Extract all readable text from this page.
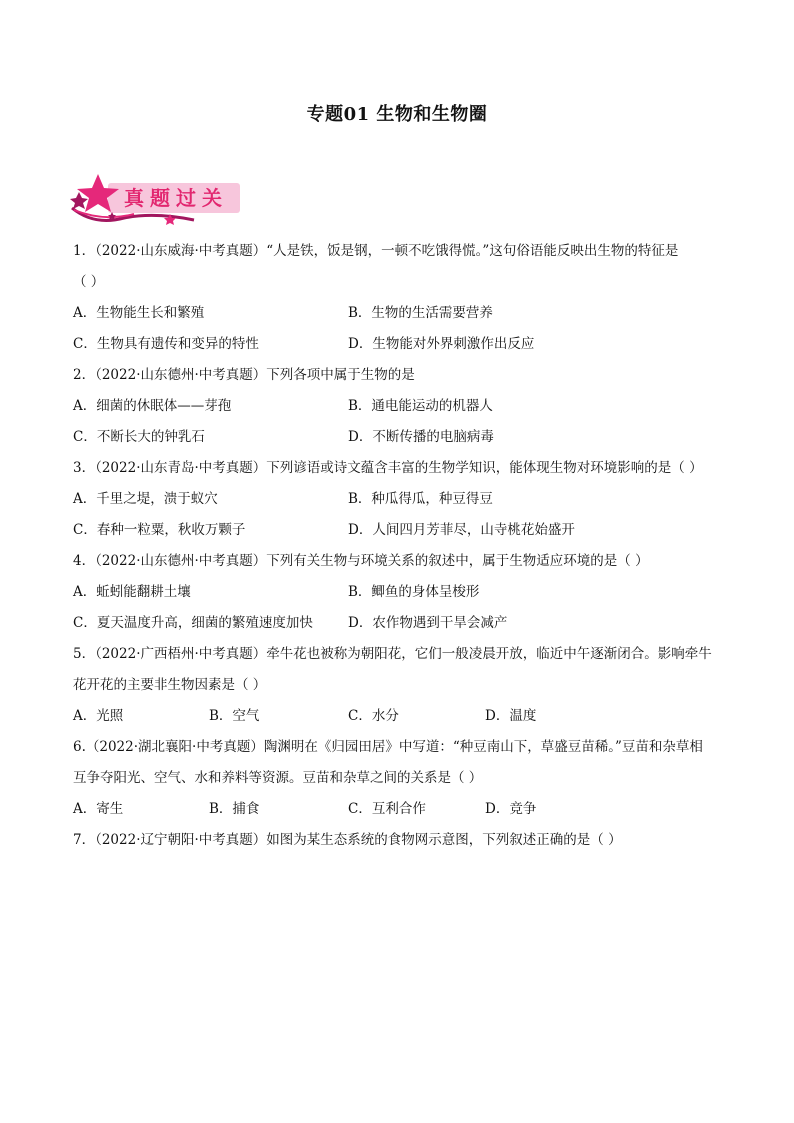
专题01 生物和生物圈
真题过关
1．（2022·山东威海·中考真题）“人是铁，饭是钢，一顿不吃饿得慌。”这句俗语能反映出生物的特征是
（ ）
A．生物能生长和繁殖	B．生物的生活需要营养
C．生物具有遗传和变异的特性	D．生物能对外界刺激作出反应
2．（2022·山东德州·中考真题）下列各项中属于生物的是
A．细菌的休眠体——芽孢	B．通电能运动的机器人
C．不断长大的钟乳石	D．不断传播的电脑病毒
3．（2022·山东青岛·中考真题）下列谚语或诗文蕴含丰富的生物学知识，能体现生物对环境影响的是（ ）
A．千里之堤，溃于蚁穴	B．种瓜得瓜，种豆得豆
C．春种一粒粟，秋收万颗子	D．人间四月芳菲尽，山寺桃花始盛开
4．（2022·山东德州·中考真题）下列有关生物与环境关系的叙述中，属于生物适应环境的是（ ）
A．蚯蚓能翻耕土壤	B．鲫鱼的身体呈梭形
C．夏天温度升高，细菌的繁殖速度加快	D．农作物遇到干旱会减产
5．（2022·广西梧州·中考真题）牵牛花也被称为朝阳花，它们一般凌晨开放，临近中午逐渐闭合。影响牵牛
花开花的主要非生物因素是（ ）
A．光照	B．空气	C．水分	D．温度
6.（2022·湖北襄阳·中考真题）陶渊明在《归园田居》中写道：“种豆南山下，草盛豆苗稀。”豆苗和杂草相
互争夺阳光、空气、水和养料等资源。豆苗和杂草之间的关系是（ ）
A．寄生	B．捕食	C．互利合作	D．竞争
7．（2022·辽宁朝阳·中考真题）如图为某生态系统的食物网示意图，下列叙述正确的是（ ）
